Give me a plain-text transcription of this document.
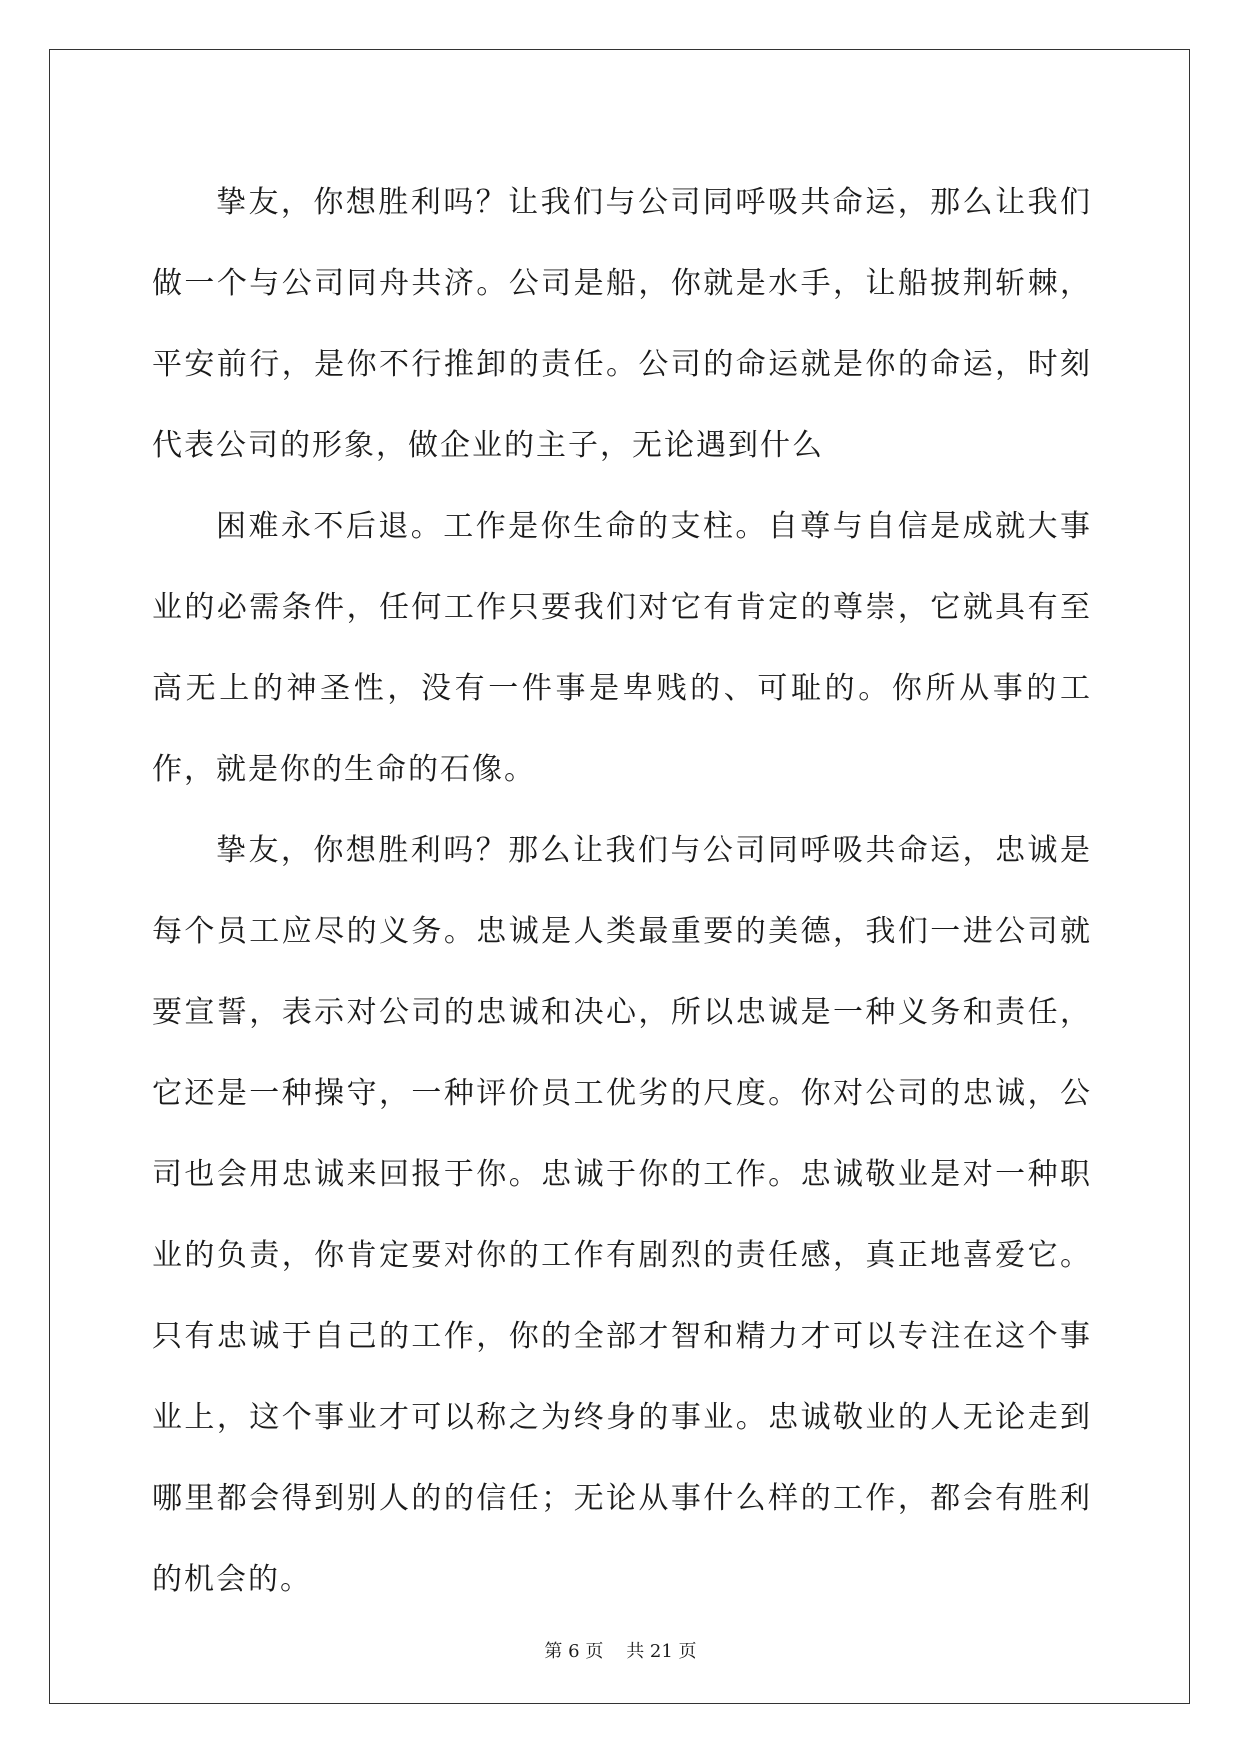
挚友，你想胜利吗？让我们与公司同呼吸共命运，那么让我们做一个与公司同舟共济。公司是船，你就是水手，让船披荆斩棘，平安前行，是你不行推卸的责任。公司的命运就是你的命运，时刻代表公司的形象，做企业的主子，无论遇到什么

困难永不后退。工作是你生命的支柱。自尊与自信是成就大事业的必需条件，任何工作只要我们对它有肯定的尊崇，它就具有至高无上的神圣性，没有一件事是卑贱的、可耻的。你所从事的工作，就是你的生命的石像。

挚友，你想胜利吗？那么让我们与公司同呼吸共命运，忠诚是每个员工应尽的义务。忠诚是人类最重要的美德，我们一进公司就要宣誓，表示对公司的忠诚和决心，所以忠诚是一种义务和责任，它还是一种操守，一种评价员工优劣的尺度。你对公司的忠诚，公司也会用忠诚来回报于你。忠诚于你的工作。忠诚敬业是对一种职业的负责，你肯定要对你的工作有剧烈的责任感，真正地喜爱它。只有忠诚于自己的工作，你的全部才智和精力才可以专注在这个事业上，这个事业才可以称之为终身的事业。忠诚敬业的人无论走到哪里都会得到别人的的信任；无论从事什么样的工作，都会有胜利的机会的。

第 6 页    共 21 页
